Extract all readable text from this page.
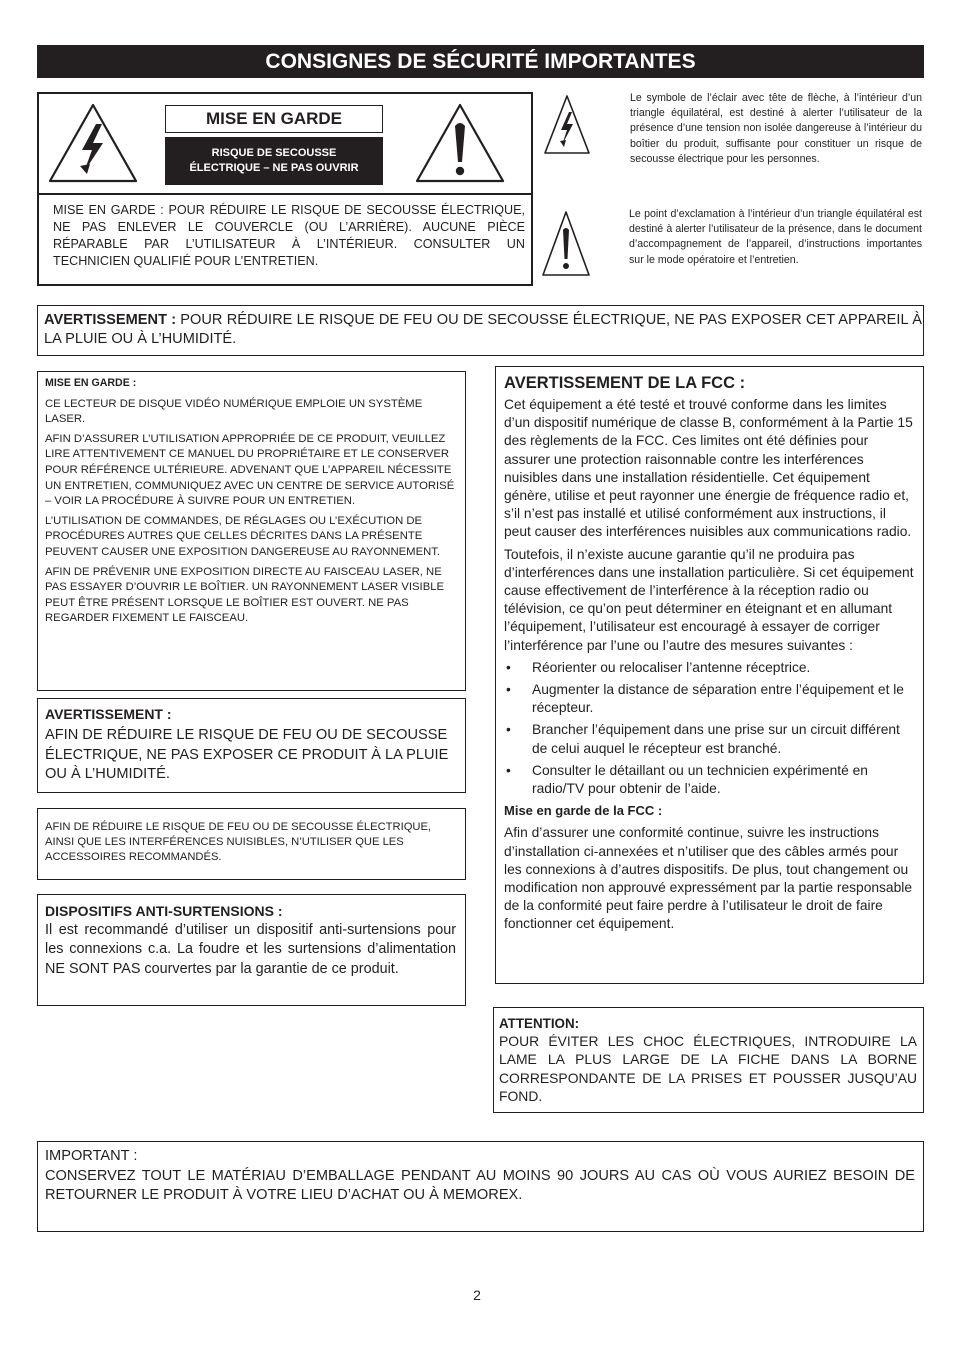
CONSIGNES DE SÉCURITÉ IMPORTANTES
MISE EN GARDE
RISQUE DE SECOUSSE
ÉLECTRIQUE – NE PAS OUVRIR
MISE EN GARDE : POUR RÉDUIRE LE RISQUE DE SECOUSSE ÉLECTRIQUE, NE PAS ENLEVER LE COUVERCLE (OU L’ARRIÈRE). AUCUNE PIÈCE RÉPARABLE PAR L’UTILISATEUR À L’INTÉRIEUR. CONSULTER UN TECHNICIEN QUALIFIÉ POUR L’ENTRETIEN.
Le symbole de l’éclair avec tête de flèche, à l’intérieur d’un triangle équilatéral, est destiné à alerter l’utilisateur de la présence d’une tension non isolée dangereuse à l’intérieur du boîtier du produit, suffisante pour constituer un risque de secousse électrique pour les personnes.
Le point d’exclamation à l’intérieur d’un triangle équilatéral est destiné à alerter l’utilisateur de la présence, dans le document d’accompagnement de l’appareil, d’instructions importantes sur le mode opératoire et l’entretien.
AVERTISSEMENT : POUR RÉDUIRE LE RISQUE DE FEU OU DE SECOUSSE ÉLECTRIQUE, NE PAS EXPOSER CET APPAREIL À LA PLUIE OU À L’HUMIDITÉ.

MISE EN GARDE :

CE LECTEUR DE DISQUE VIDÉO NUMÉRIQUE EMPLOIE UN SYSTÈME LASER.

AFIN D’ASSURER L’UTILISATION APPROPRIÉE DE CE PRODUIT, VEUILLEZ LIRE ATTENTIVEMENT CE MANUEL DU PROPRIÉTAIRE ET LE CONSERVER POUR RÉFÉRENCE ULTÉRIEURE. ADVENANT QUE L’APPAREIL NÉCESSITE UN ENTRETIEN, COMMUNIQUEZ AVEC UN CENTRE DE SERVICE AUTORISÉ – VOIR LA PROCÉDURE À SUIVRE POUR UN ENTRETIEN.

L’UTILISATION DE COMMANDES, DE RÉGLAGES OU L’EXÉCUTION DE PROCÉDURES AUTRES QUE CELLES DÉCRITES DANS LA PRÉSENTE PEUVENT CAUSER UNE EXPOSITION DANGEREUSE AU RAYONNEMENT.

AFIN DE PRÉVENIR UNE EXPOSITION DIRECTE AU FAISCEAU LASER, NE PAS ESSAYER D’OUVRIR LE BOÎTIER. UN RAYONNEMENT LASER VISIBLE PEUT ÊTRE PRÉSENT LORSQUE LE BOÎTIER EST OUVERT. NE PAS REGARDER FIXEMENT LE FAISCEAU.

AVERTISSEMENT :

AFIN DE RÉDUIRE LE RISQUE DE FEU OU DE SECOUSSE ÉLECTRIQUE, NE PAS EXPOSER CE PRODUIT À LA PLUIE OU À L’HUMIDITÉ.

AFIN DE RÉDUIRE LE RISQUE DE FEU OU DE SECOUSSE ÉLECTRIQUE, AINSI QUE LES INTERFÉRENCES NUISIBLES, N’UTILISER QUE LES ACCESSOIRES RECOMMANDÉS.

DISPOSITIFS ANTI-SURTENSIONS :

Il est recommandé d’utiliser un dispositif anti-surtensions pour les connexions c.a. La foudre et les surtensions d’alimentation NE SONT PAS courvertes par la garantie de ce produit.

AVERTISSEMENT DE LA FCC :

Cet équipement a été testé et trouvé conforme dans les limites d’un dispositif numérique de classe B, conformément à la Partie 15 des règlements de la FCC. Ces limites ont été définies pour assurer une protection raisonnable contre les interférences nuisibles dans une installation résidentielle. Cet équipement génère, utilise et peut rayonner une énergie de fréquence radio et, s’il n’est pas installé et utilisé conformément aux instructions, il peut causer des interférences nuisibles aux communications radio.

Toutefois, il n’existe aucune garantie qu’il ne produira pas d’interférences dans une installation particulière. Si cet équipement cause effectivement de l’interférence à la réception radio ou télévision, ce qu’on peut déterminer en éteignant et en allumant l’équipement, l’utilisateur est encouragé à essayer de corriger l’interférence par l’une ou l’autre des mesures suivantes :

• Réorienter ou relocaliser l’antenne réceptrice.
• Augmenter la distance de séparation entre l’équipement et le récepteur.
• Brancher l’équipement dans une prise sur un circuit différent de celui auquel le récepteur est branché.
• Consulter le détaillant ou un technicien expérimenté en radio/TV pour obtenir de l’aide.

Mise en garde de la FCC :

Afin d’assurer une conformité continue, suivre les instructions d’installation ci-annexées et n’utiliser que des câbles armés pour les connexions à d’autres dispositifs. De plus, tout changement ou modification non approuvé expressément par la partie responsable de la conformité peut faire perdre à l’utilisateur le droit de faire fonctionner cet équipement.

ATTENTION:

POUR ÉVITER LES CHOC ÉLECTRIQUES, INTRODUIRE LA LAME LA PLUS LARGE DE LA FICHE DANS LA BORNE CORRESPONDANTE DE LA PRISES ET POUSSER JUSQU’AU FOND.

IMPORTANT :

CONSERVEZ TOUT LE MATÉRIAU D’EMBALLAGE PENDANT AU MOINS 90 JOURS AU CAS OÙ VOUS AURIEZ BESOIN DE RETOURNER LE PRODUIT À VOTRE LIEU D’ACHAT OU À MEMOREX.

2
